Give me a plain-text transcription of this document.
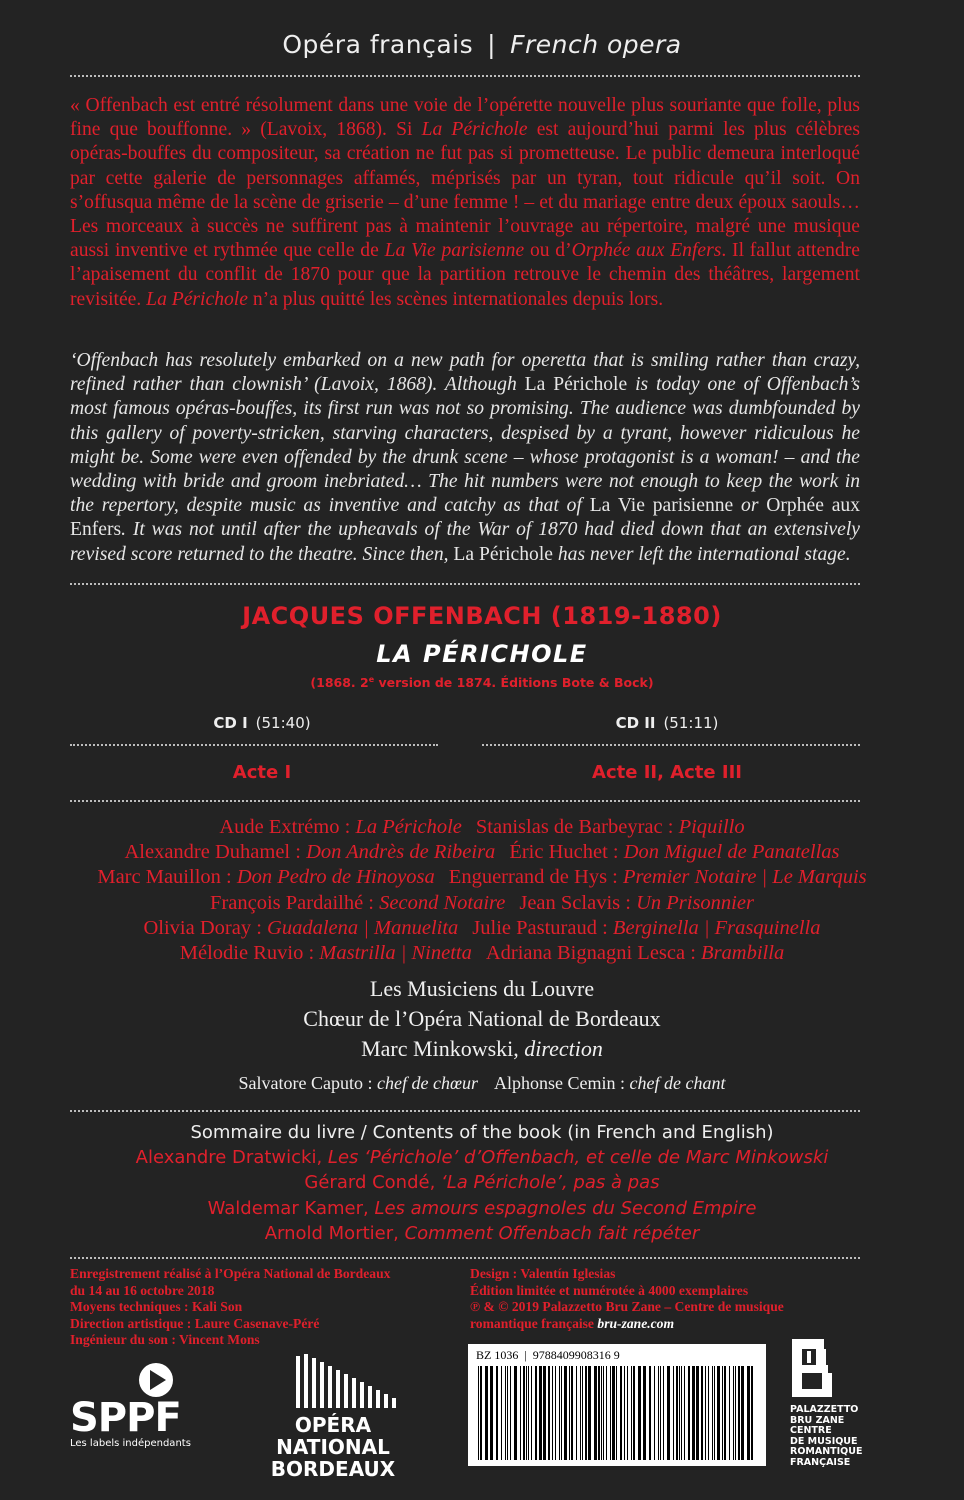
Opéra français | French opera

« Offenbach est entré résolument dans une voie de l’opérette nouvelle plus souriante que folle, plus fine que bouffonne. » (Lavoix, 1868). Si La Périchole est aujourd’hui parmi les plus célèbres opéras-bouffes du compositeur, sa création ne fut pas si prometteuse. Le public demeura interloqué par cette galerie de personnages affamés, méprisés par un tyran, tout ridicule qu’il soit. On s’offusqua même de la scène de griserie – d’une femme ! – et du mariage entre deux époux saouls… Les morceaux à succès ne suffirent pas à maintenir l’ouvrage au répertoire, malgré une musique aussi inventive et rythmée que celle de La Vie parisienne ou d’Orphée aux Enfers. Il fallut attendre l’apaisement du conflit de 1870 pour que la partition retrouve le chemin des théâtres, largement revisitée. La Périchole n’a plus quitté les scènes internationales depuis lors.

‘Offenbach has resolutely embarked on a new path for operetta that is smiling rather than crazy, refined rather than clownish’ (Lavoix, 1868). Although La Périchole is today one of Offenbach’s most famous opéras-bouffes, its first run was not so promising. The audience was dumbfounded by this gallery of poverty-stricken, starving characters, despised by a tyrant, however ridiculous he might be. Some were even offended by the drunk scene – whose protagonist is a woman! – and the wedding with bride and groom inebriated… The hit numbers were not enough to keep the work in the repertory, despite music as inventive and catchy as that of La Vie parisienne or Orphée aux Enfers. It was not until after the upheavals of the War of 1870 had died down that an extensively revised score returned to the theatre. Since then, La Périchole has never left the international stage.

JACQUES OFFENBACH (1819-1880)
LA PÉRICHOLE
(1868. 2e version de 1874. Éditions Bote & Bock)
CD I (51:40)	CD II (51:11)
Acte I	Acte II, Acte III
Aude Extrémo : La Périchole Stanislas de Barbeyrac : Piquillo
Alexandre Duhamel : Don Andrès de Ribeira Éric Huchet : Don Miguel de Panatellas
Marc Mauillon : Don Pedro de Hinoyosa Enguerrand de Hys : Premier Notaire | Le Marquis
François Pardailhé : Second Notaire Jean Sclavis : Un Prisonnier
Olivia Doray : Guadalena | Manuelita Julie Pasturaud : Berginella | Frasquinella
Mélodie Ruvio : Mastrilla | Ninetta Adriana Bignagni Lesca : Brambilla
Les Musiciens du Louvre
Chœur de l’Opéra National de Bordeaux
Marc Minkowski, direction
Salvatore Caputo : chef de chœur Alphonse Cemin : chef de chant
Sommaire du livre / Contents of the book (in French and English)
Alexandre Dratwicki, Les ‘Périchole’ d’Offenbach, et celle de Marc Minkowski
Gérard Condé, ‘La Périchole’, pas à pas
Waldemar Kamer, Les amours espagnoles du Second Empire
Arnold Mortier, Comment Offenbach fait répéter
Enregistrement réalisé à l’Opéra National de Bordeaux
du 14 au 16 octobre 2018
Moyens techniques : Kali Son
Direction artistique : Laure Casenave-Péré
Ingénieur du son : Vincent Mons
Design : Valentín Iglesias
Édition limitée et numérotée à 4000 exemplaires
℗ & © 2019 Palazzetto Bru Zane – Centre de musique
romantique française bru-zane.com
BZ 1036 | 9788409908316 9
SPPF
Les labels indépendants
OPÉRA NATIONAL
BORDEAUX
PALAZZETTO
BRU ZANE
CENTRE
DE MUSIQUE
ROMANTIQUE
FRANÇAISE
